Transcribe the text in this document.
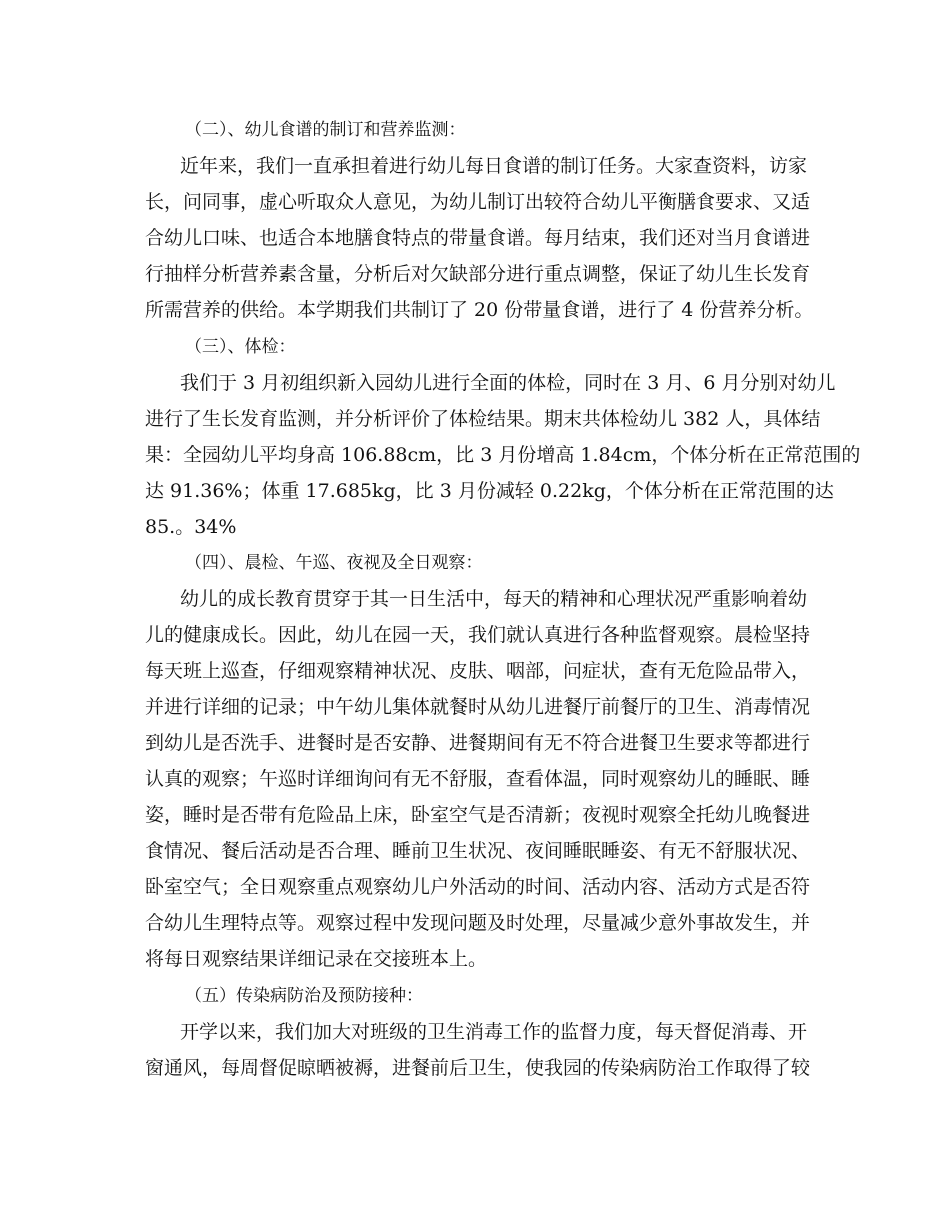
（二）、幼儿食谱的制订和营养监测：
近年来，我们一直承担着进行幼儿每日食谱的制订任务。大家查资料，访家
长，问同事，虚心听取众人意见，为幼儿制订出较符合幼儿平衡膳食要求、又适
合幼儿口味、也适合本地膳食特点的带量食谱。每月结束，我们还对当月食谱进
行抽样分析营养素含量，分析后对欠缺部分进行重点调整，保证了幼儿生长发育
所需营养的供给。本学期我们共制订了 20 份带量食谱，进行了 4 份营养分析。
（三）、体检：
我们于 3 月初组织新入园幼儿进行全面的体检，同时在 3 月、6 月分别对幼儿
进行了生长发育监测，并分析评价了体检结果。期末共体检幼儿 382 人，具体结
果：全园幼儿平均身高 106.88cm，比 3 月份增高 1.84cm，个体分析在正常范围的
达 91.36%；体重 17.685kg，比 3 月份减轻 0.22kg，个体分析在正常范围的达
85.。34%
（四）、晨检、午巡、夜视及全日观察：
幼儿的成长教育贯穿于其一日生活中，每天的精神和心理状况严重影响着幼
儿的健康成长。因此，幼儿在园一天，我们就认真进行各种监督观察。晨检坚持
每天班上巡查，仔细观察精神状况、皮肤、咽部，问症状，查有无危险品带入，
并进行详细的记录；中午幼儿集体就餐时从幼儿进餐厅前餐厅的卫生、消毒情况
到幼儿是否洗手、进餐时是否安静、进餐期间有无不符合进餐卫生要求等都进行
认真的观察；午巡时详细询问有无不舒服，查看体温，同时观察幼儿的睡眠、睡
姿，睡时是否带有危险品上床，卧室空气是否清新；夜视时观察全托幼儿晚餐进
食情况、餐后活动是否合理、睡前卫生状况、夜间睡眠睡姿、有无不舒服状况、
卧室空气；全日观察重点观察幼儿户外活动的时间、活动内容、活动方式是否符
合幼儿生理特点等。观察过程中发现问题及时处理，尽量减少意外事故发生，并
将每日观察结果详细记录在交接班本上。
（五）传染病防治及预防接种：
开学以来，我们加大对班级的卫生消毒工作的监督力度，每天督促消毒、开
窗通风，每周督促晾晒被褥，进餐前后卫生，使我园的传染病防治工作取得了较
